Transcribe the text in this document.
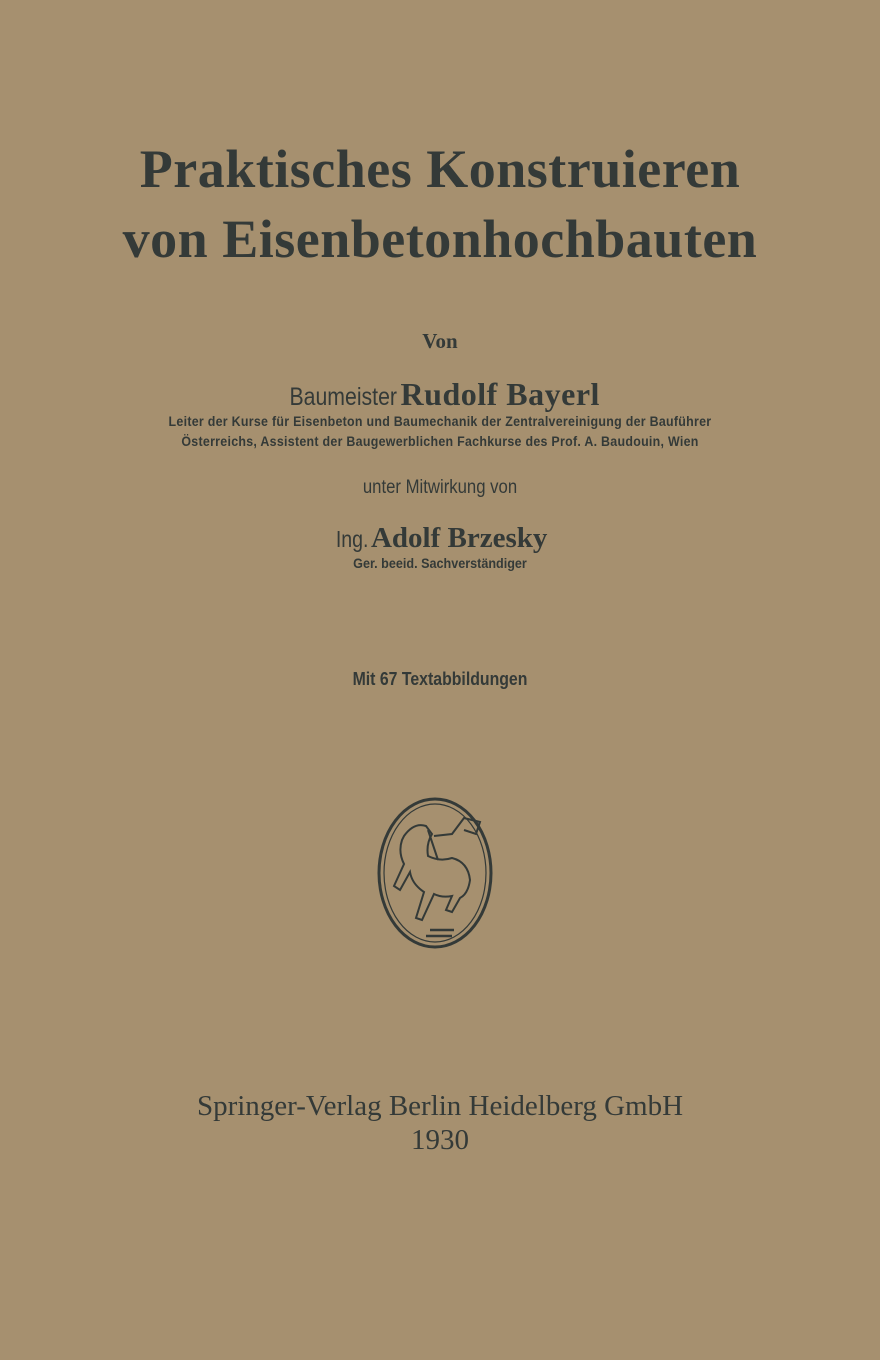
Praktisches Konstruieren
von Eisenbetonhochbauten
Von
Baumeister Rudolf Bayerl
Leiter der Kurse für Eisenbeton und Baumechanik der Zentralvereinigung der Bauführer
Österreichs, Assistent der Baugewerblichen Fachkurse des Prof. A. Baudouin, Wien
unter Mitwirkung von
Ing. Adolf Brzesky
Ger. beeid. Sachverständiger
Mit 67 Textabbildungen
Springer-Verlag Berlin Heidelberg GmbH
1930
